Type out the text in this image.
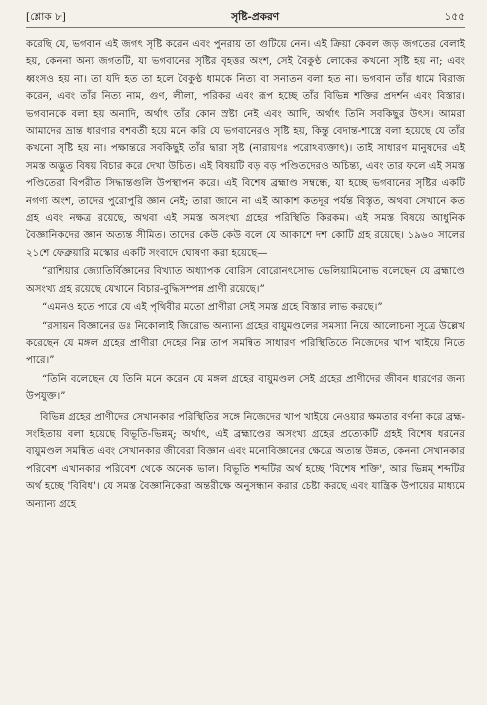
[শ্লোক ৮]	সৃষ্টি-প্রকরণ	১৫৫

করেছি যে, ভগবান এই জগৎ সৃষ্টি করেন এবং পুনরায় তা গুটিয়ে নেন। এই ক্রিয়া কেবল জড় জগতের বেলাই হয়, কেননা অন্য জগতটি, যা ভগবানের সৃষ্টির বৃহত্তর অংশ, সেই বৈকুণ্ঠ লোকের কখনো সৃষ্টি হয় না; এবং ধ্বংসও হয় না। তা যদি হত তা হলে বৈকুণ্ঠ ধামকে নিত্য বা সনাতন বলা হত না। ভগবান তাঁর ধামে বিরাজ করেন, এবং তাঁর নিত্য নাম, গুণ, লীলা, পরিকর এবং রূপ হচ্ছে তাঁর বিভিন্ন শক্তির প্রদর্শন এবং বিস্তার। ভগবানকে বলা হয় অনাদি, অর্থাৎ তাঁর কোন স্রষ্টা নেই এবং আদি, অর্থাৎ তিনি সবকিছুর উৎস। আমরা আমাদের ভ্রান্ত ধারণার বশবর্তী হয়ে মনে করি যে ভগবানেরও সৃষ্টি হয়, কিন্তু বেদান্ত-শাস্ত্রে বলা হয়েছে যে তাঁর কখনো সৃষ্টি হয় না। পক্ষান্তরে সবকিছুই তাঁর দ্বারা সৃষ্ট (নারায়ণঃ পরোঽব্যক্তাৎ)। তাই সাধারণ মানুষদের এই সমস্ত অদ্ভুত বিষয় বিচার করে দেখা উচিত। এই বিষয়টি বড় বড় পণ্ডিতদেরও অচিন্ত্য, এবং তার ফলে এই সমস্ত পণ্ডিতেরা বিপরীত সিদ্ধান্তগুলি উপস্থাপন করে। এই বিশেষ ব্রহ্মাণ্ড সম্বন্ধে, যা হচ্ছে ভগবানের সৃষ্টির একটি নগণ্য অংশ, তাদের পুরোপুরি জ্ঞান নেই; তারা জানে না এই আকাশ কতদূর পর্যন্ত বিস্তৃত, অথবা সেখানে কত গ্রহ এবং নক্ষত্র রয়েছে, অথবা এই সমস্ত অসংখ্য গ্রহের পরিস্থিতি কিরকম। এই সমস্ত বিষয়ে আধুনিক বৈজ্ঞানিকদের জ্ঞান অত্যন্ত সীমিত। তাদের কেউ কেউ বলে যে আকাশে দশ কোটি গ্রহ রয়েছে। ১৯৬০ সালের ২১শে ফেব্রুয়ারি মস্কোর একটি সংবাদে ঘোষণা করা হয়েছে—

“রাশিয়ার জ্যোতির্বিজ্ঞানের বিখ্যাত অধ্যাপক বোরিস বোরোনৎসোভ ভেলিয়ামিনোভ বলেছেন যে ব্রহ্মাণ্ডে অসংখ্য গ্রহ রয়েছে যেখানে বিচার-বুদ্ধিসম্পন্ন প্রাণী রয়েছে।”

“এমনও হতে পারে যে এই পৃথিবীর মতো প্রাণীরা সেই সমস্ত গ্রহে বিস্তার লাভ করছে।”

“রসায়ন বিজ্ঞানের ডঃ নিকোলাই জিরোভ অন্যান্য গ্রহের বায়ুমণ্ডলের সমস্যা নিয়ে আলোচনা সূত্রে উল্লেখ করেছেন যে মঙ্গল গ্রহের প্রাণীরা দেহের নিম্ন তাপ সমন্বিত সাধারণ পরিস্থিতিতে নিজেদের খাপ খাইয়ে নিতে পারে।”

“তিনি বলেছেন যে তিনি মনে করেন যে মঙ্গল গ্রহের বায়ুমণ্ডল সেই গ্রহের প্রাণীদের জীবন ধারণের জন্য উপযুক্ত।”

বিভিন্ন গ্রহের প্রাণীদের সেখানকার পরিস্থিতির সঙ্গে নিজেদের খাপ খাইয়ে নেওয়ার ক্ষমতার বর্ণনা করে ব্রহ্ম-সংহিতায় বলা হয়েছে বিভূতি-ভিন্নম্; অর্থাৎ, এই ব্রহ্মাণ্ডের অসংখ্য গ্রহের প্রত্যেকটি গ্রহই বিশেষ ধরনের বায়ুমণ্ডল সমন্বিত এবং সেখানকার জীবেরা বিজ্ঞান এবং মনোবিজ্ঞানের ক্ষেত্রে অত্যন্ত উন্নত, কেননা সেখানকার পরিবেশ এখানকার পরিবেশ থেকে অনেক ভাল। বিভূতি শব্দটির অর্থ হচ্ছে 'বিশেষ শক্তি', আর ভিন্নম্ শব্দটির অর্থ হচ্ছে 'বিবিধ'। যে সমস্ত বৈজ্ঞানিকেরা অন্তরীক্ষে অনুসন্ধান করার চেষ্টা করছে এবং যান্ত্রিক উপায়ের মাধ্যমে অন্যান্য গ্রহে
